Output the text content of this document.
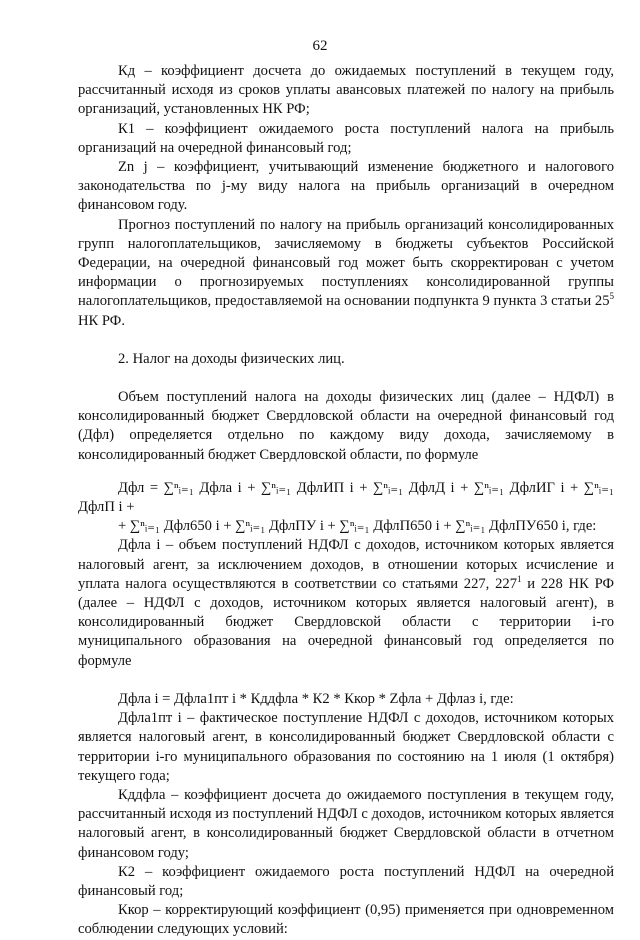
62

Кд – коэффициент досчета до ожидаемых поступлений в текущем году, рассчитанный исходя из сроков уплаты авансовых платежей по налогу на прибыль организаций, установленных НК РФ;

К1 – коэффициент ожидаемого роста поступлений налога на прибыль организаций на очередной финансовый год;

Zn j – коэффициент, учитывающий изменение бюджетного и налогового законодательства по j-му виду налога на прибыль организаций в очередном финансовом году.

Прогноз поступлений по налогу на прибыль организаций консолидированных групп налогоплательщиков, зачисляемому в бюджеты субъектов Российской Федерации, на очередной финансовый год может быть скорректирован с учетом информации о прогнозируемых поступлениях консолидированной группы налогоплательщиков, предоставляемой на основании подпункта 9 пункта 3 статьи 25$^5$ НК РФ.

2. Налог на доходы физических лиц.

Объем поступлений налога на доходы физических лиц (далее – НДФЛ) в консолидированный бюджет Свердловской области на очередной финансовый год (Дфл) определяется отдельно по каждому виду дохода, зачисляемому в консолидированный бюджет Свердловской области, по формуле

Дфл = ∑ⁿᵢ₌₁ Дфла i + ∑ⁿᵢ₌₁ ДфлИП i + ∑ⁿᵢ₌₁ ДфлД i + ∑ⁿᵢ₌₁ ДфлИГ i + ∑ⁿᵢ₌₁ ДфлП i +

+ ∑ⁿᵢ₌₁ Дфл650 i + ∑ⁿᵢ₌₁ ДфлПУ i + ∑ⁿᵢ₌₁ ДфлП650 i + ∑ⁿᵢ₌₁ ДфлПУ650 i, где:

Дфла i – объем поступлений НДФЛ с доходов, источником которых является налоговый агент, за исключением доходов, в отношении которых исчисление и уплата налога осуществляются в соответствии со статьями 227, 227$^1$ и 228 НК РФ (далее – НДФЛ с доходов, источником которых является налоговый агент), в консолидированный бюджет Свердловской области с территории i-го муниципального образования на очередной финансовый год определяется по формуле

Дфла i = Дфла1пт i * Кддфла * К2 * Ккор * Zфла + Дфлаз i, где:

Дфла1пт i – фактическое поступление НДФЛ с доходов, источником которых является налоговый агент, в консолидированный бюджет Свердловской области с территории i-го муниципального образования по состоянию на 1 июля (1 октября) текущего года;

Кддфла – коэффициент досчета до ожидаемого поступления в текущем году, рассчитанный исходя из поступлений НДФЛ с доходов, источником которых является налоговый агент, в консолидированный бюджет Свердловской области в отчетном финансовом году;

К2 – коэффициент ожидаемого роста поступлений НДФЛ на очередной финансовый год;

Ккор – корректирующий коэффициент (0,95) применяется при одновременном соблюдении следующих условий:
